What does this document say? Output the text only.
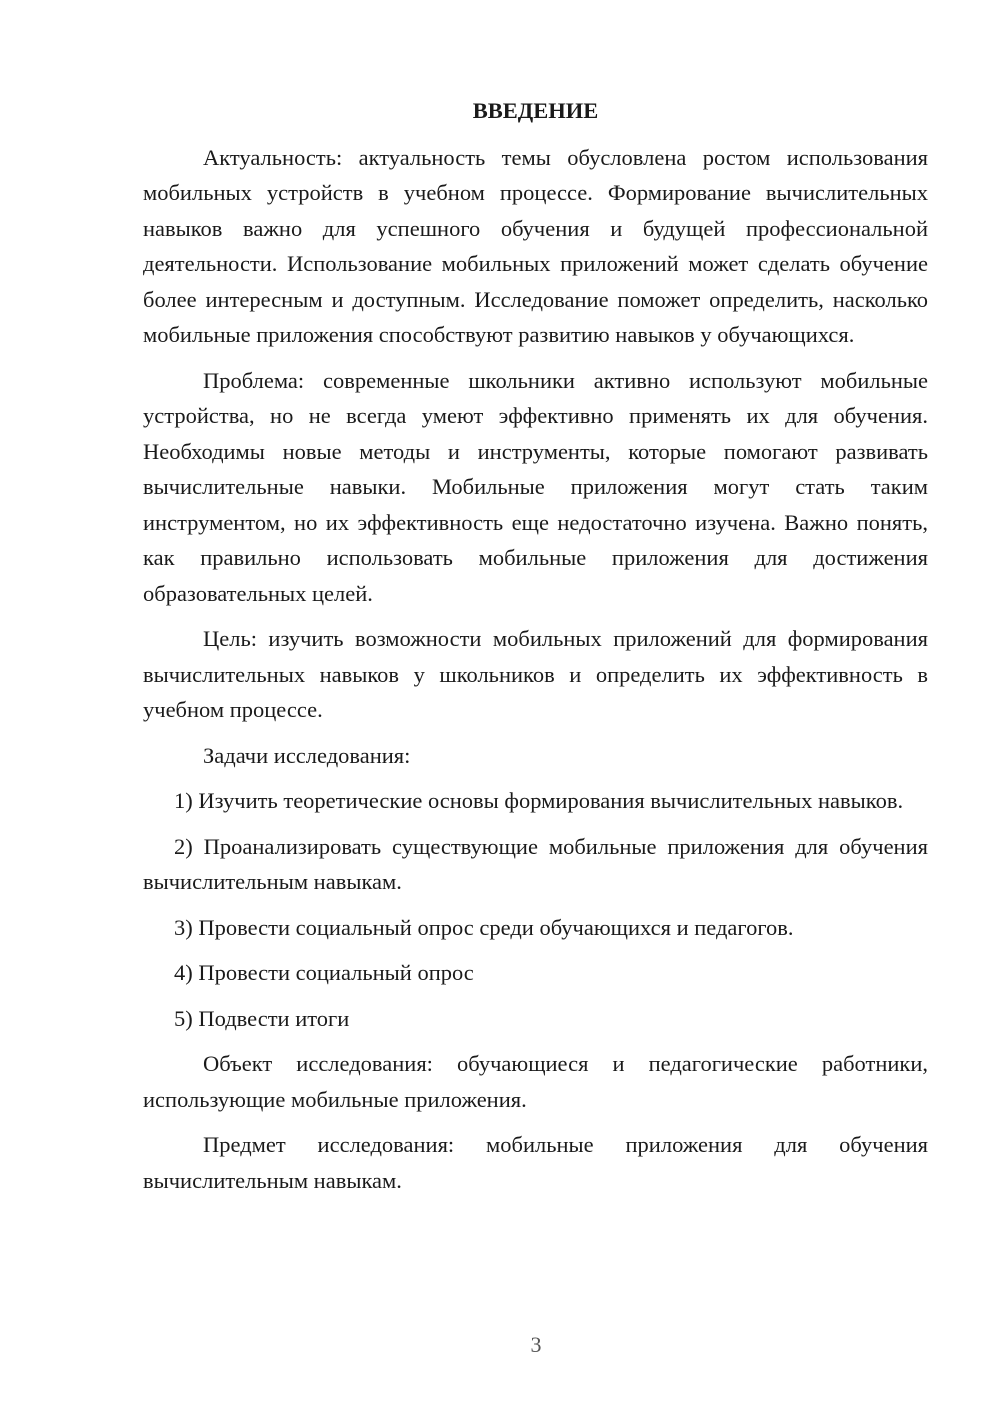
ВВЕДЕНИЕ

Актуальность: актуальность темы обусловлена ростом использования мобильных устройств в учебном процессе. Формирование вычислительных навыков важно для успешного обучения и будущей профессиональной деятельности. Использование мобильных приложений может сделать обучение более интересным и доступным. Исследование поможет определить, насколько мобильные приложения способствуют развитию навыков у обучающихся.

Проблема: современные школьники активно используют мобильные устройства, но не всегда умеют эффективно применять их для обучения. Необходимы новые методы и инструменты, которые помогают развивать вычислительные навыки. Мобильные приложения могут стать таким инструментом, но их эффективность еще недостаточно изучена. Важно понять, как правильно использовать мобильные приложения для достижения образовательных целей.

Цель: изучить возможности мобильных приложений для формирования вычислительных навыков у школьников и определить их эффективность в учебном процессе.

Задачи исследования:

1) Изучить теоретические основы формирования вычислительных навыков.

2) Проанализировать существующие мобильные приложения для обучения вычислительным навыкам.

3) Провести социальный опрос среди обучающихся и педагогов.

4) Провести социальный опрос

5) Подвести итоги

Объект исследования: обучающиеся и педагогические работники, использующие мобильные приложения.

Предмет исследования: мобильные приложения для обучения вычислительным навыкам.

3
